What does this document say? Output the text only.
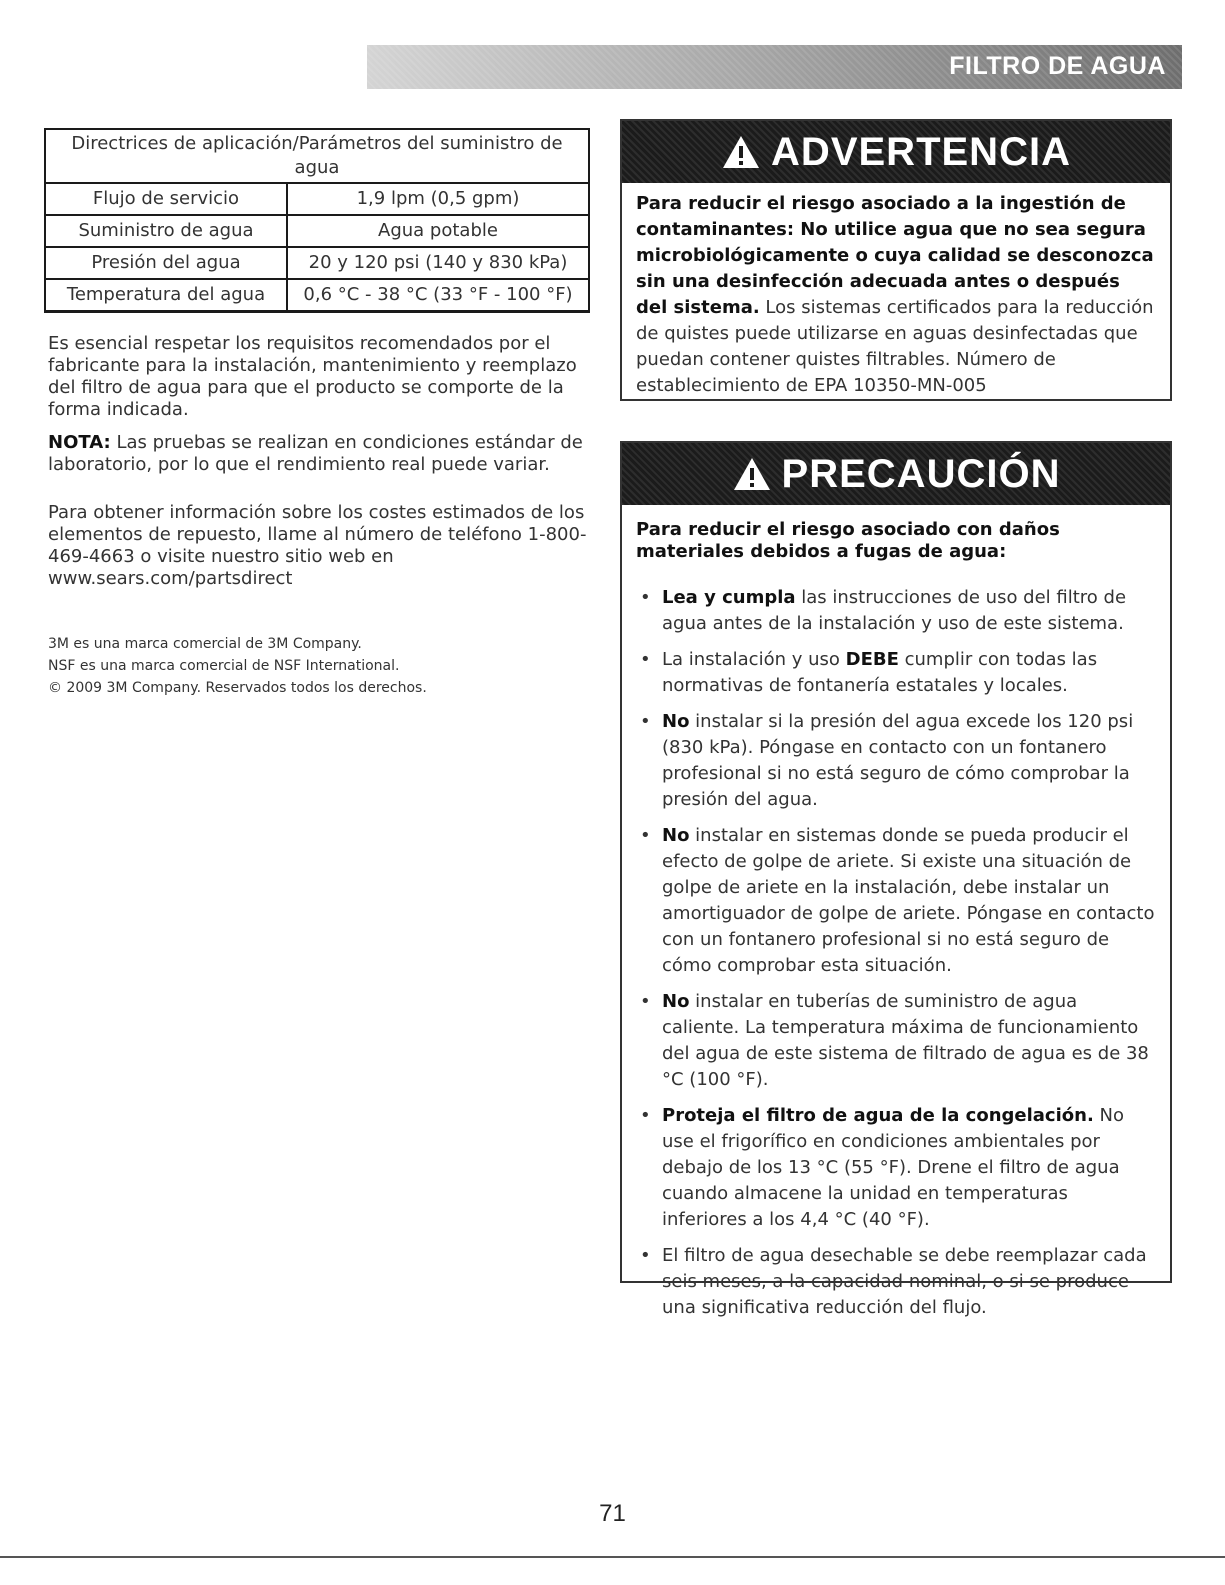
FILTRO DE AGUA
Directrices de aplicación/Parámetros del suministro de agua	
Flujo de servicio	1,9 lpm (0,5 gpm)
Suministro de agua	Agua potable
Presión del agua	20 y 120 psi (140 y 830 kPa)
Temperatura del agua	0,6 °C - 38 °C (33 °F - 100 °F)

Es esencial respetar los requisitos recomendados por el fabricante para la instalación, mantenimiento y reemplazo del filtro de agua para que el producto se comporte de la forma indicada.

NOTA: Las pruebas se realizan en condiciones estándar de laboratorio, por lo que el rendimiento real puede variar.

Para obtener información sobre los costes estimados de los elementos de repuesto, llame al número de teléfono 1-800-469-4663 o visite nuestro sitio web en www.sears.com/partsdirect

3M es una marca comercial de 3M Company.
NSF es una marca comercial de NSF International.
© 2009 3M Company. Reservados todos los derechos.
ADVERTENCIA
Para reducir el riesgo asociado a la ingestión de contaminantes: No utilice agua que no sea segura microbiológicamente o cuya calidad se desconozca sin una desinfección adecuada antes o después del sistema. Los sistemas certificados para la reducción de quistes puede utilizarse en aguas desinfectadas que puedan contener quistes filtrables. Número de establecimiento de EPA 10350-MN-005
PRECAUCIÓN
Para reducir el riesgo asociado con daños materiales debidos a fugas de agua:
• Lea y cumpla las instrucciones de uso del filtro de agua antes de la instalación y uso de este sistema.
• La instalación y uso DEBE cumplir con todas las normativas de fontanería estatales y locales.
• No instalar si la presión del agua excede los 120 psi (830 kPa). Póngase en contacto con un fontanero profesional si no está seguro de cómo comprobar la presión del agua.
• No instalar en sistemas donde se pueda producir el efecto de golpe de ariete. Si existe una situación de golpe de ariete en la instalación, debe instalar un amortiguador de golpe de ariete. Póngase en contacto con un fontanero profesional si no está seguro de cómo comprobar esta situación.
• No instalar en tuberías de suministro de agua caliente. La temperatura máxima de funcionamiento del agua de este sistema de filtrado de agua es de 38 °C (100 °F).
• Proteja el filtro de agua de la congelación. No use el frigorífico en condiciones ambientales por debajo de los 13 °C (55 °F). Drene el filtro de agua cuando almacene la unidad en temperaturas inferiores a los 4,4 °C (40 °F).
• El filtro de agua desechable se debe reemplazar cada seis meses, a la capacidad nominal, o si se produce una significativa reducción del flujo.
71
